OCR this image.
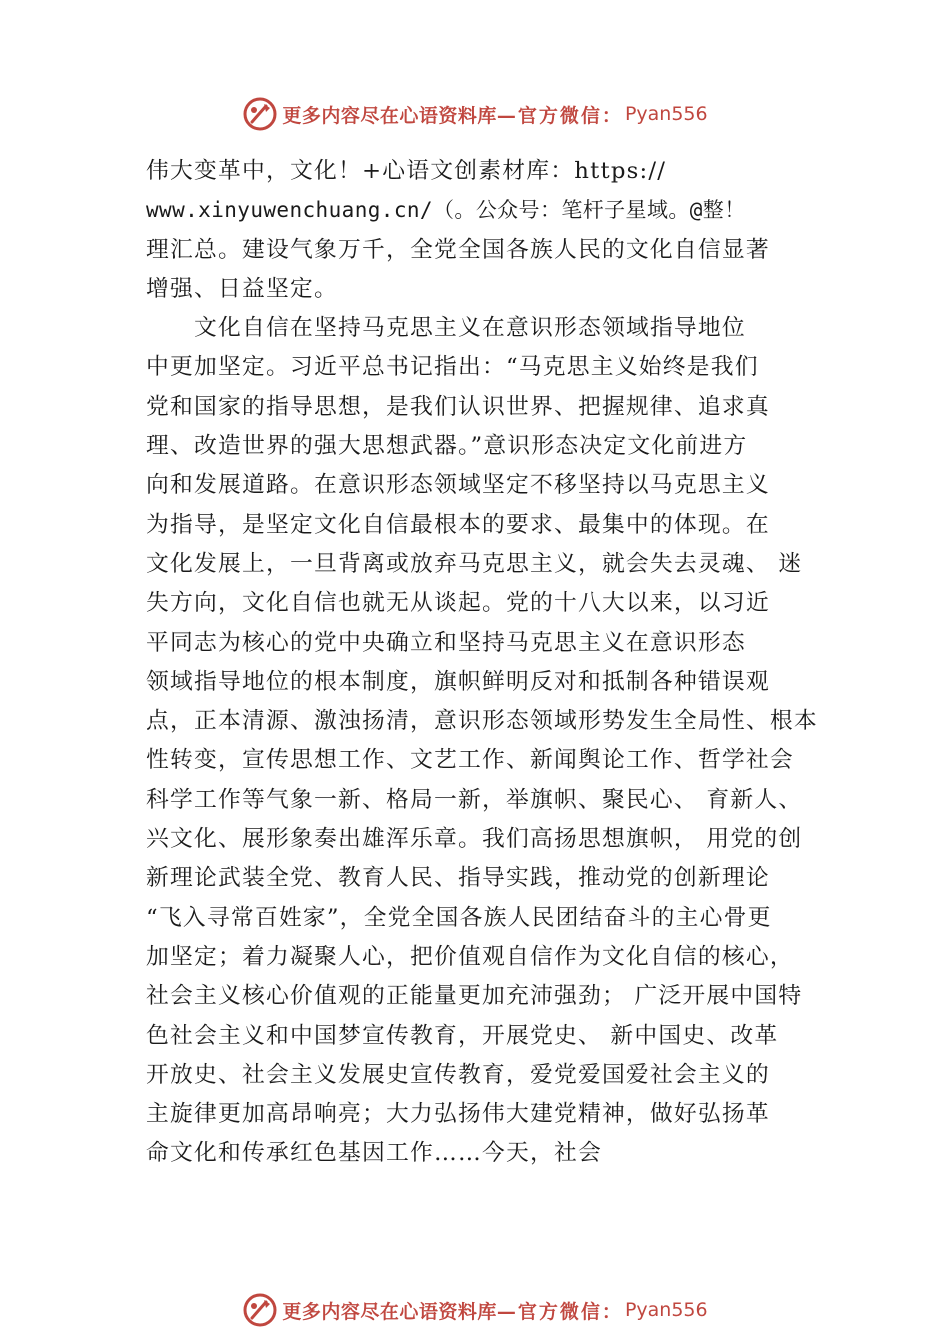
更多内容尽在心语资料库 —官方微信： Pyan556
伟大变革中，文化！+心语文创素材库：https://
www.xinyuwenchuang.cn/（。公众号：笔杆子星域。@整！
理汇总。建设气象万千，全党全国各族人民的文化自信显著
增强、日益坚定。
文化自信在坚持马克思主义在意识形态领域指导地位
中更加坚定。习近平总书记指出：“马克思主义始终是我们
党和国家的指导思想，是我们认识世界、把握规律、追求真
理、改造世界的强大思想武器。”意识形态决定文化前进方
向和发展道路。在意识形态领域坚定不移坚持以马克思主义
为指导，是坚定文化自信最根本的要求、最集中的体现。在
文化发展上，一旦背离或放弃马克思主义，就会失去灵魂、 迷
失方向，文化自信也就无从谈起。党的十八大以来，以习近
平同志为核心的党中央确立和坚持马克思主义在意识形态
领域指导地位的根本制度，旗帜鲜明反对和抵制各种错误观
点，正本清源、激浊扬清，意识形态领域形势发生全局性、根本
性转变，宣传思想工作、文艺工作、新闻舆论工作、哲学社会
科学工作等气象一新、格局一新，举旗帜、聚民心、 育新人、
兴文化、展形象奏出雄浑乐章。我们高扬思想旗帜， 用党的创
新理论武装全党、教育人民、指导实践，推动党的创新理论
“飞入寻常百姓家”，全党全国各族人民团结奋斗的主心骨更
加坚定；着力凝聚人心，把价值观自信作为文化自信的核心，
社会主义核心价值观的正能量更加充沛强劲； 广泛开展中国特
色社会主义和中国梦宣传教育，开展党史、 新中国史、改革
开放史、社会主义发展史宣传教育，爱党爱国爱社会主义的
主旋律更加高昂响亮；大力弘扬伟大建党精神，做好弘扬革
命文化和传承红色基因工作……今天，社会
更多内容尽在心语资料库 —官方微信： Pyan556
